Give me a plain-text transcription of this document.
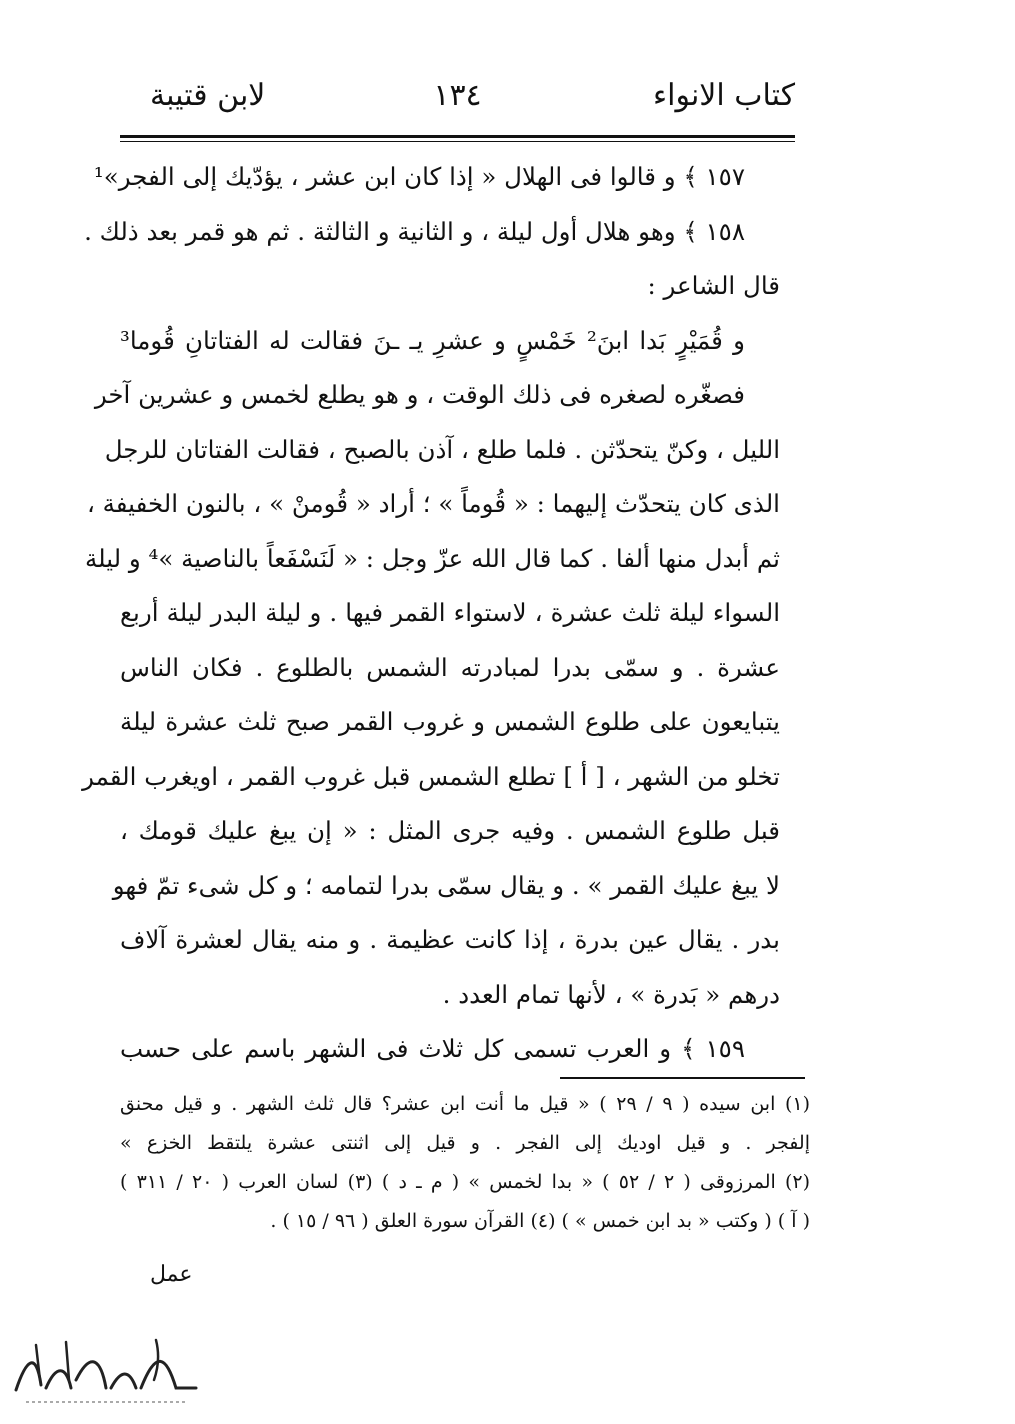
كتاب الانواء
١٣٤
لابن قتيبة
١٥٧ ﴾ و قالوا فى الهلال « إذا كان ابن عشر ، يؤدّيك إلى الفجر»¹
١٥٨ ﴾ وهو هلال أول ليلة ، و الثانية و الثالثة . ثم هو قمر بعد ذلك .
قال الشاعر :
و قُمَيْرٍ بَدا ابنَ² خَمْسٍ و عشرِ يـ ـنَ فقالت له الفتاتانِ قُوما³
فصغّره لصغره فى ذلك الوقت ، و هو يطلع لخمس و عشرين آخر
الليل ، وكنّ يتحدّثن . فلما طلع ، آذن بالصبح ، فقالت الفتاتان للرجل
الذى كان يتحدّث إليهما : « قُوماً » ؛ أراد « قُومنْ » ، بالنون الخفيفة ،
ثم أبدل منها ألفا . كما قال الله عزّ وجل : « لَنَسْفَعاً بالناصية »⁴ و ليلة
السواء ليلة ثلث عشرة ، لاستواء القمر فيها . و ليلة البدر ليلة أربع
عشرة . و سمّى بدرا لمبادرته الشمس بالطلوع . فكان الناس
يتبايعون على طلوع الشمس و غروب القمر صبح ثلث عشرة ليلة
تخلو من الشهر ، [ أ ] تطلع الشمس قبل غروب القمر ، اويغرب القمر
قبل طلوع الشمس . وفيه جرى المثل : « إن يبغ عليك قومك ،
لا يبغ عليك القمر » . و يقال سمّى بدرا لتمامه ؛ و كل شىء تمّ فهو
بدر . يقال عين بدرة ، إذا كانت عظيمة . و منه يقال لعشرة آلاف
درهم « بَدرة » ، لأنها تمام العدد .
١٥٩ ﴾ و العرب تسمى كل ثلاث فى الشهر باسم على حسب
(١) ابن سيده ( ٩ / ٢٩ ) « قيل ما أنت ابن عشر؟ قال ثلث الشهر . و قيل محنق
إلفجر . و قيل اوديك إلى الفجر . و قيل إلى اثنتى عشرة يلتقط الخزع »
(٢) المرزوقى ( ٢ / ٥٢ ) « بدا لخمس » ( م ـ د ) (٣) لسان العرب ( ٢٠ / ٣١١ )
( آ ) ( وكتب « بد ابن خمس » ) (٤) القرآن سورة العلق ( ٩٦ / ١٥ ) .
عمل
